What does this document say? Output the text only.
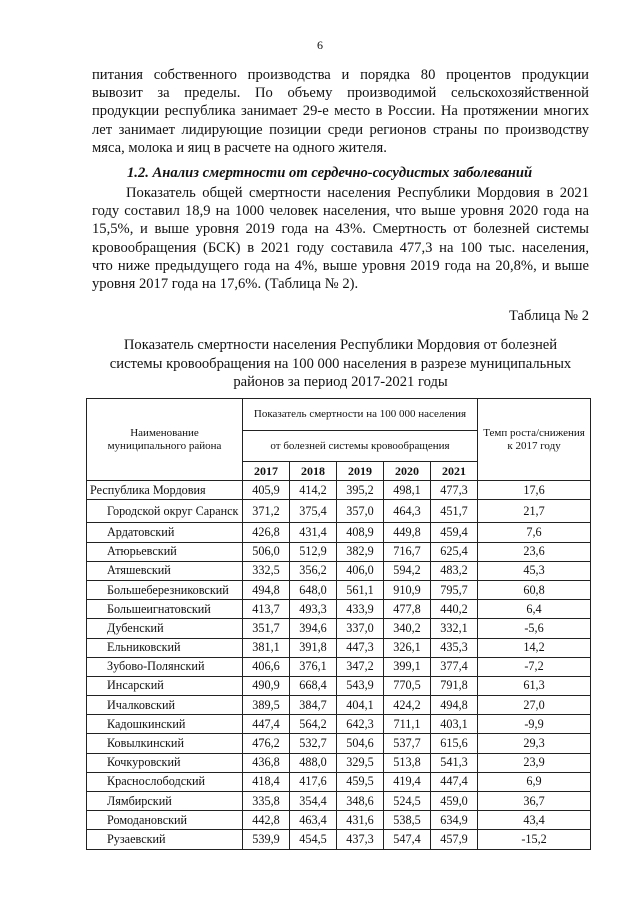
6

питания собственного производства и порядка 80 процентов продукции
вывозит за пределы. По объему производимой сельскохозяйственной
продукции республика занимает 29-е место в России. На протяжении многих
лет занимает лидирующие позиции среди регионов страны по производству
мяса, молока и яиц в расчете на одного жителя.

1.2. Анализ смертности от сердечно-сосудистых заболеваний

Показатель общей смертности населения Республики Мордовия в 2021
году составил 18,9 на 1000 человек населения, что выше уровня 2020 года на
15,5%, и выше уровня 2019 года на 43%. Смертность от болезней системы
кровообращения (БСК) в 2021 году составила 477,3 на 100 тыс. населения,
что ниже предыдущего года на 4%, выше уровня 2019 года на 20,8%, и выше
уровня 2017 года на 17,6%. (Таблица № 2).

Таблица № 2

Показатель смертности населения Республики Мордовия от болезней
системы кровообращения на 100 000 населения в разрезе муниципальных
районов за период 2017-2021 годы

Наименование муниципального района	Показатель смертности на 100 000 населения					Темп роста/снижения к 2017 году
	от болезней системы кровообращения					
	2017	2018	2019	2020	2021	
Республика Мордовия	405,9	414,2	395,2	498,1	477,3	17,6
Городской округ Саранск	371,2	375,4	357,0	464,3	451,7	21,7
Ардатовский	426,8	431,4	408,9	449,8	459,4	7,6
Атюрьевский	506,0	512,9	382,9	716,7	625,4	23,6
Атяшевский	332,5	356,2	406,0	594,2	483,2	45,3
Большеберезниковский	494,8	648,0	561,1	910,9	795,7	60,8
Большеигнатовский	413,7	493,3	433,9	477,8	440,2	6,4
Дубенский	351,7	394,6	337,0	340,2	332,1	-5,6
Ельниковский	381,1	391,8	447,3	326,1	435,3	14,2
Зубово-Полянский	406,6	376,1	347,2	399,1	377,4	-7,2
Инсарский	490,9	668,4	543,9	770,5	791,8	61,3
Ичалковский	389,5	384,7	404,1	424,2	494,8	27,0
Кадошкинский	447,4	564,2	642,3	711,1	403,1	-9,9
Ковылкинский	476,2	532,7	504,6	537,7	615,6	29,3
Кочкуровский	436,8	488,0	329,5	513,8	541,3	23,9
Краснослободский	418,4	417,6	459,5	419,4	447,4	6,9
Лямбирский	335,8	354,4	348,6	524,5	459,0	36,7
Ромодановский	442,8	463,4	431,6	538,5	634,9	43,4
Рузаевский	539,9	454,5	437,3	547,4	457,9	-15,2
